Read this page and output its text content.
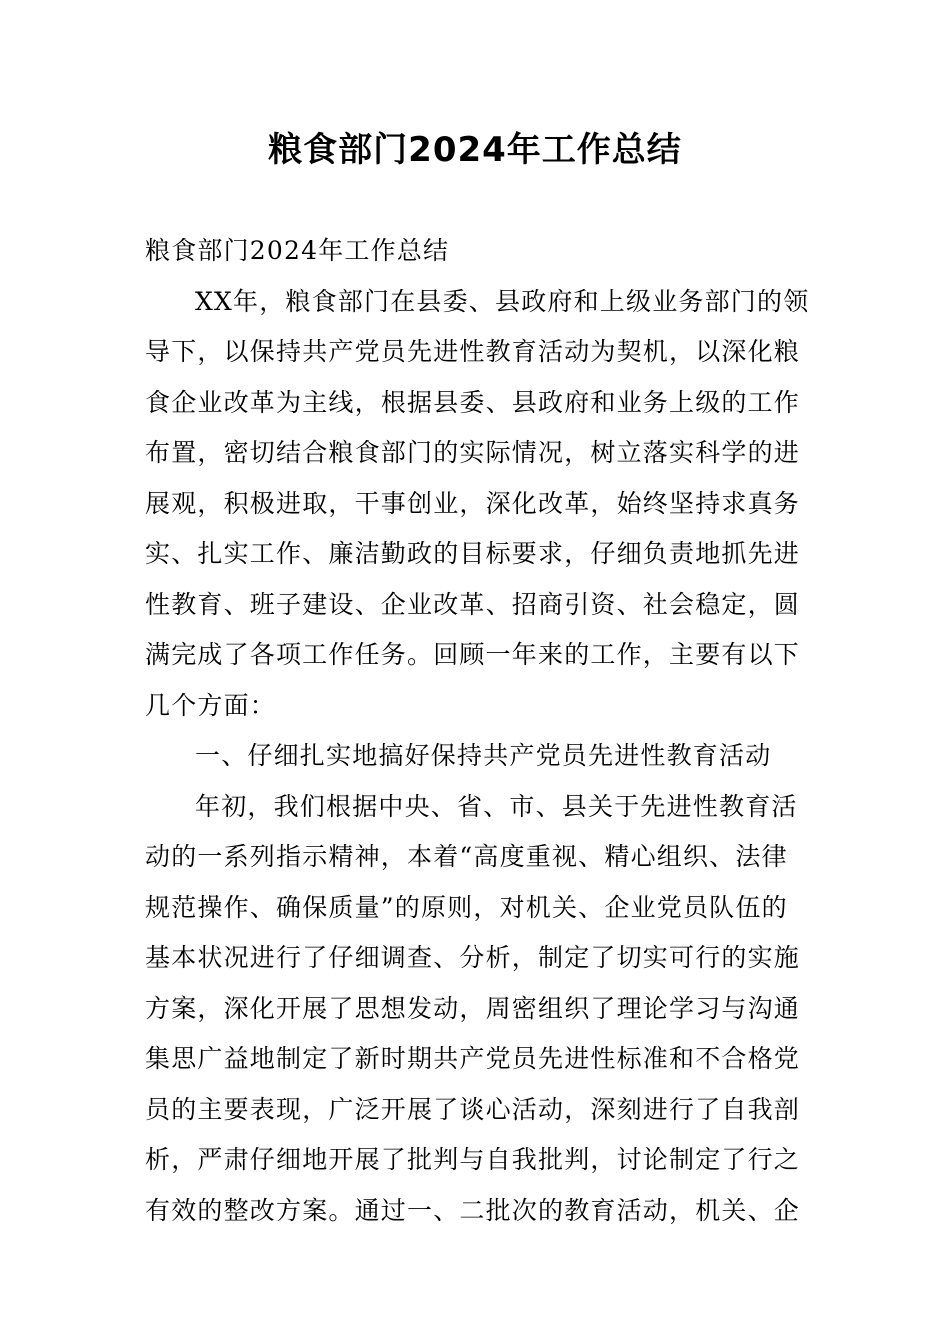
粮食部门2024年工作总结
粮食部门2024年工作总结
XX年，粮食部门在县委、县政府和上级业务部门的领
导下，以保持共产党员先进性教育活动为契机，以深化粮
食企业改革为主线，根据县委、县政府和业务上级的工作
布置，密切结合粮食部门的实际情况，树立落实科学的进
展观，积极进取，干事创业，深化改革，始终坚持求真务
实、扎实工作、廉洁勤政的目标要求，仔细负责地抓先进
性教育、班子建设、企业改革、招商引资、社会稳定，圆
满完成了各项工作任务。回顾一年来的工作，主要有以下
几个方面：
一、仔细扎实地搞好保持共产党员先进性教育活动
年初，我们根据中央、省、市、县关于先进性教育活
动的一系列指示精神，本着“高度重视、精心组织、法律
规范操作、确保质量”的原则，对机关、企业党员队伍的
基本状况进行了仔细调查、分析，制定了切实可行的实施
方案，深化开展了思想发动，周密组织了理论学习与沟通
集思广益地制定了新时期共产党员先进性标准和不合格党
员的主要表现，广泛开展了谈心活动，深刻进行了自我剖
析，严肃仔细地开展了批判与自我批判，讨论制定了行之
有效的整改方案。通过一、二批次的教育活动，机关、企
